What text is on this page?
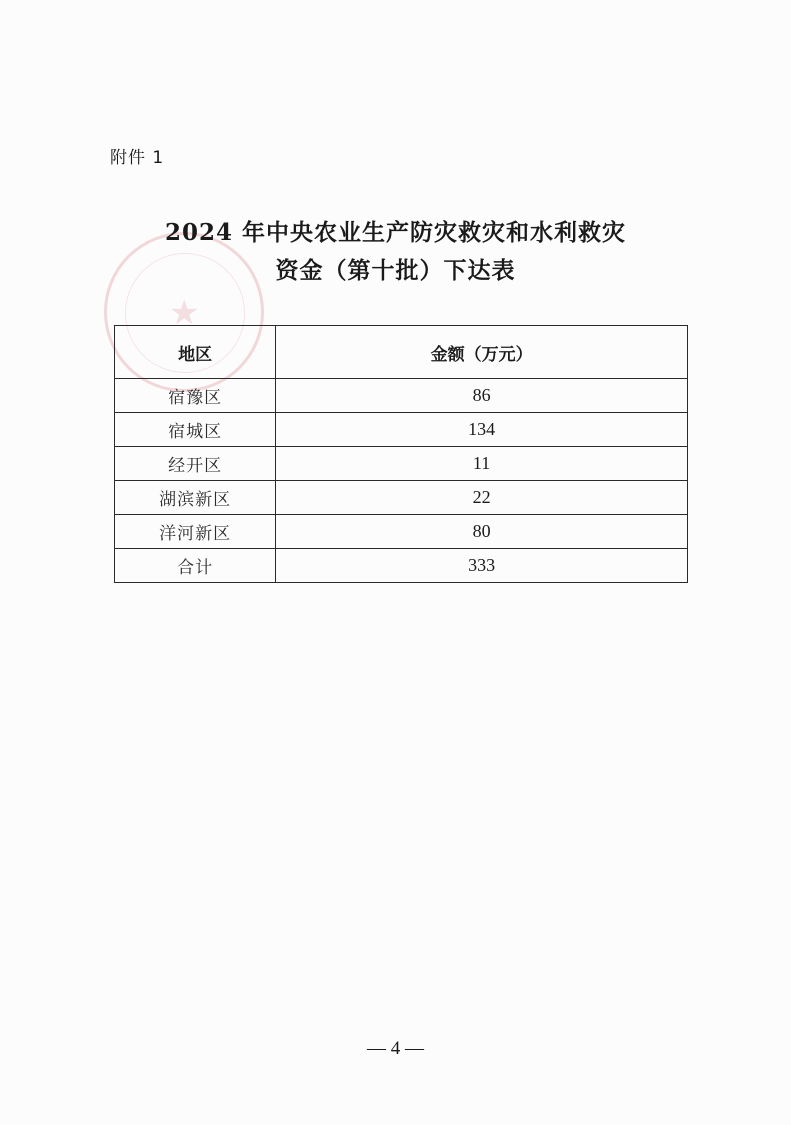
★
附件 1
2024 年中央农业生产防灾救灾和水利救灾
资金（第十批）下达表
地区	金额（万元）
宿豫区	86
宿城区	134
经开区	11
湖滨新区	22
洋河新区	80
合计	333
— 4 —
